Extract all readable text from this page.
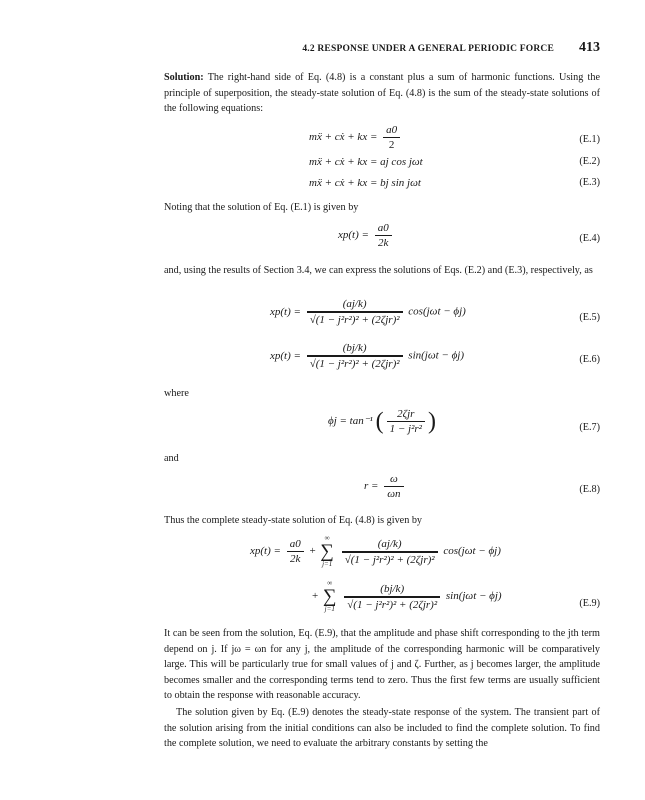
4.2 RESPONSE UNDER A GENERAL PERIODIC FORCE 413

Solution: The right-hand side of Eq. (4.8) is a constant plus a sum of harmonic functions. Using the principle of superposition, the steady-state solution of Eq. (4.8) is the sum of the steady-state solutions of the following equations:

mẍ + cẋ + kx = $\frac{a0}{2}$	(E.1)
mẍ + cẋ + kx = aj cos jωt	(E.2)
mẍ + cẋ + kx = bj sin jωt	(E.3)
Noting that the solution of Eq. (E.1) is given by
$xp(t) = \frac{a0}{2k}$	(E.4)

and, using the results of Section 3.4, we can express the solutions of Eqs. (E.2) and (E.3), respectively, as

$xp(t) = \frac{(aj/k)}{\text{√(1 − j²r²)² + (2ζjr)²}} \cos(j\omega t - \phi j)$	(E.5)
$xp(t) = \frac{(bj/k)}{\text{√(1 − j²r²)² + (2ζjr)²}} \sin(j\omega t - \phi j)$	(E.6)
where
ϕj = tan⁻¹ ( $\frac{\text{2ζjr}}{\text{1 − j²r²}}$ )	(E.7)
and
$r = \frac{\omega}{\omega n}$	(E.8)
Thus the complete steady-state solution of Eq. (4.8) is given by
$xp(t) = \frac{a0}{2k}$ +
∞
∑
j=1
$\frac{(aj/k)}{\text{√(1 − j²r²)² + (2ζjr)²}} \cos(j\omega t - \phi j)$
+
∞
∑
j=1
$\frac{(bj/k)}{\text{√(1 − j²r²)² + (2ζjr)²}} \sin(j\omega t - \phi j)$
(E.9)

It can be seen from the solution, Eq. (E.9), that the amplitude and phase shift corresponding to the jth term depend on j. If jω = ωn for any j, the amplitude of the corresponding harmonic will be comparatively large. This will be particularly true for small values of j and ζ. Further, as j becomes larger, the amplitude becomes smaller and the corresponding terms tend to zero. Thus the first few terms are usually sufficient to obtain the response with reasonable accuracy.

The solution given by Eq. (E.9) denotes the steady-state response of the system. The transient part of the solution arising from the initial conditions can also be included to find the complete solution. To find the complete solution, we need to evaluate the arbitrary constants by setting the
